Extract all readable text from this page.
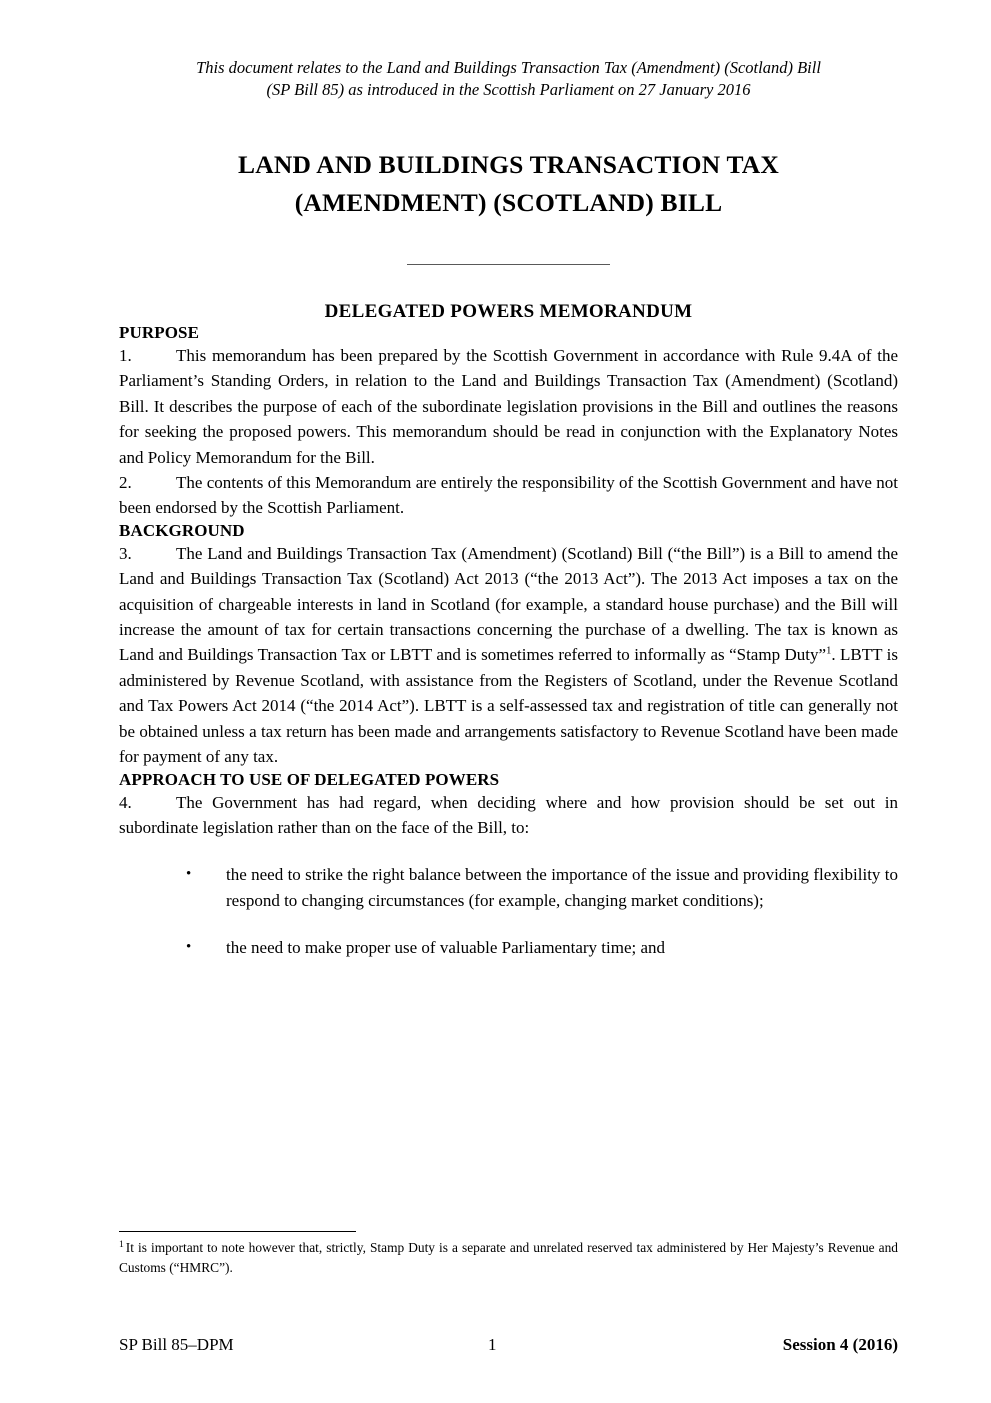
This document relates to the Land and Buildings Transaction Tax (Amendment) (Scotland) Bill
(SP Bill 85) as introduced in the Scottish Parliament on 27 January 2016
LAND AND BUILDINGS TRANSACTION TAX
(AMENDMENT) (SCOTLAND) BILL
DELEGATED POWERS MEMORANDUM
PURPOSE

1.	This memorandum has been prepared by the Scottish Government in accordance with Rule 9.4A of the Parliament’s Standing Orders, in relation to the Land and Buildings Transaction Tax (Amendment) (Scotland) Bill. It describes the purpose of each of the subordinate legislation provisions in the Bill and outlines the reasons for seeking the proposed powers. This memorandum should be read in conjunction with the Explanatory Notes and Policy Memorandum for the Bill.

2.	The contents of this Memorandum are entirely the responsibility of the Scottish Government and have not been endorsed by the Scottish Parliament.

BACKGROUND

3.	The Land and Buildings Transaction Tax (Amendment) (Scotland) Bill (“the Bill”) is a Bill to amend the Land and Buildings Transaction Tax (Scotland) Act 2013 (“the 2013 Act”). The 2013 Act imposes a tax on the acquisition of chargeable interests in land in Scotland (for example, a standard house purchase) and the Bill will increase the amount of tax for certain transactions concerning the purchase of a dwelling. The tax is known as Land and Buildings Transaction Tax or LBTT and is sometimes referred to informally as “Stamp Duty”$^1$. LBTT is administered by Revenue Scotland, with assistance from the Registers of Scotland, under the Revenue Scotland and Tax Powers Act 2014 (“the 2014 Act”). LBTT is a self-assessed tax and registration of title can generally not be obtained unless a tax return has been made and arrangements satisfactory to Revenue Scotland have been made for payment of any tax.

APPROACH TO USE OF DELEGATED POWERS

4.	The Government has had regard, when deciding where and how provision should be set out in subordinate legislation rather than on the face of the Bill, to:

• the need to strike the right balance between the importance of the issue and providing flexibility to respond to changing circumstances (for example, changing market conditions);
• the need to make proper use of valuable Parliamentary time; and

$^1$ It is important to note however that, strictly, Stamp Duty is a separate and unrelated reserved tax administered by Her Majesty’s Revenue and Customs (“HMRC”).

SP Bill 85–DPM	1	Session 4 (2016)
